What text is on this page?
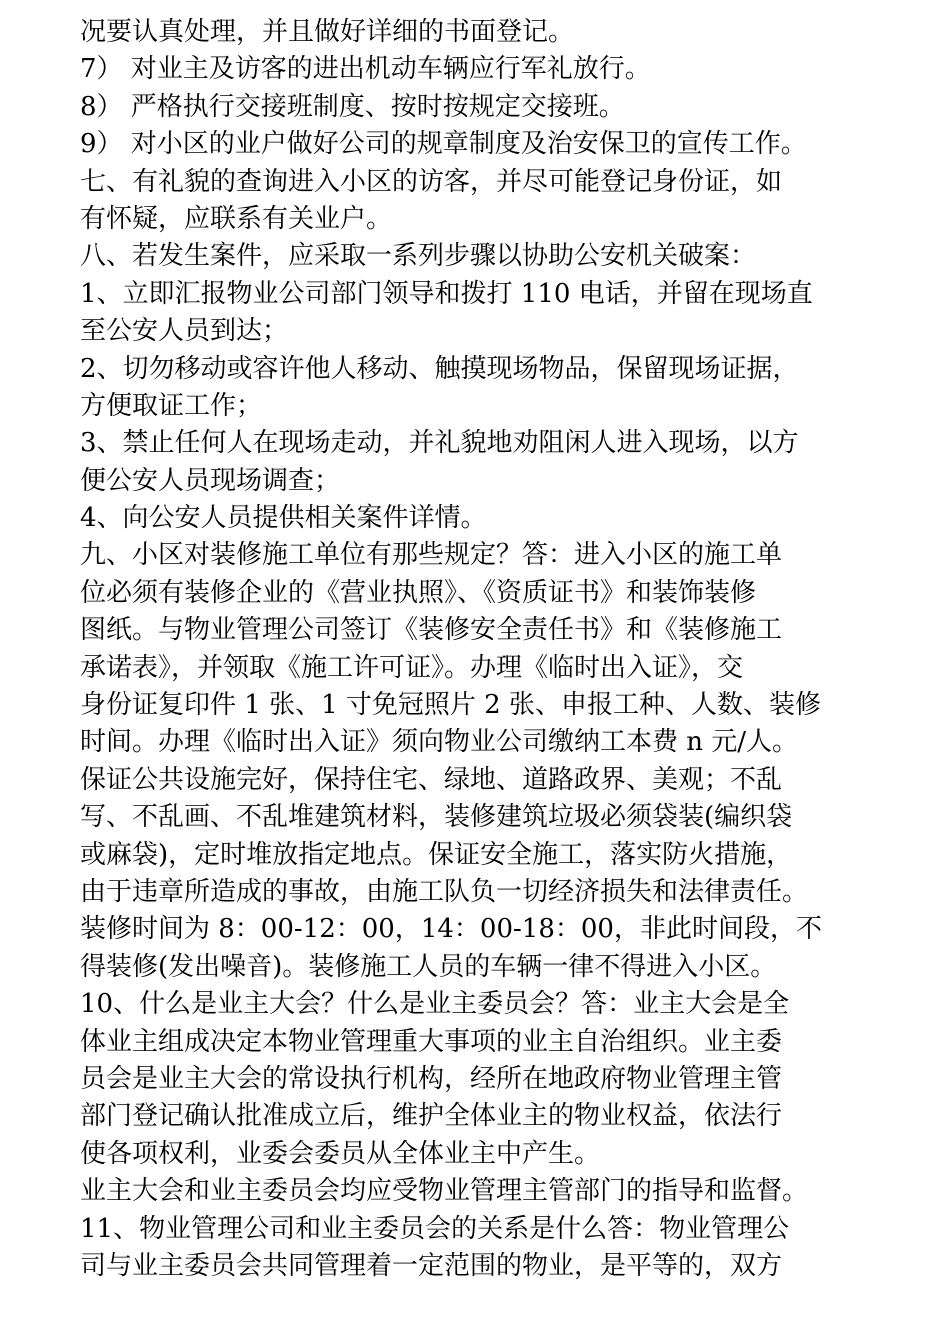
况要认真处理，并且做好详细的书面登记。
7） 对业主及访客的进出机动车辆应行军礼放行。
8） 严格执行交接班制度、按时按规定交接班。
9） 对小区的业户做好公司的规章制度及治安保卫的宣传工作。
七、有礼貌的查询进入小区的访客，并尽可能登记身份证，如
有怀疑，应联系有关业户。
八、若发生案件，应采取一系列步骤以协助公安机关破案：
1、立即汇报物业公司部门领导和拨打 110 电话，并留在现场直
至公安人员到达；
2、切勿移动或容许他人移动、触摸现场物品，保留现场证据，
方便取证工作；
3、禁止任何人在现场走动，并礼貌地劝阻闲人进入现场，以方
便公安人员现场调查；
4、向公安人员提供相关案件详情。
九、小区对装修施工单位有那些规定？答：进入小区的施工单
位必须有装修企业的《营业执照》、《资质证书》和装饰装修
图纸。与物业管理公司签订《装修安全责任书》和《装修施工
承诺表》，并领取《施工许可证》。办理《临时出入证》，交
身份证复印件 1 张、1 寸免冠照片 2 张、申报工种、人数、装修
时间。办理《临时出入证》须向物业公司缴纳工本费 n 元/人。
保证公共设施完好，保持住宅、绿地、道路政界、美观；不乱
写、不乱画、不乱堆建筑材料，装修建筑垃圾必须袋装(编织袋
或麻袋)，定时堆放指定地点。保证安全施工，落实防火措施，
由于违章所造成的事故，由施工队负一切经济损失和法律责任。
装修时间为 8：00-12：00，14：00-18：00，非此时间段，不
得装修(发出噪音)。装修施工人员的车辆一律不得进入小区。
10、什么是业主大会？什么是业主委员会？答：业主大会是全
体业主组成决定本物业管理重大事项的业主自治组织。业主委
员会是业主大会的常设执行机构，经所在地政府物业管理主管
部门登记确认批准成立后，维护全体业主的物业权益，依法行
使各项权利，业委会委员从全体业主中产生。
业主大会和业主委员会均应受物业管理主管部门的指导和监督。
11、物业管理公司和业主委员会的关系是什么答：物业管理公
司与业主委员会共同管理着一定范围的物业，是平等的，双方
